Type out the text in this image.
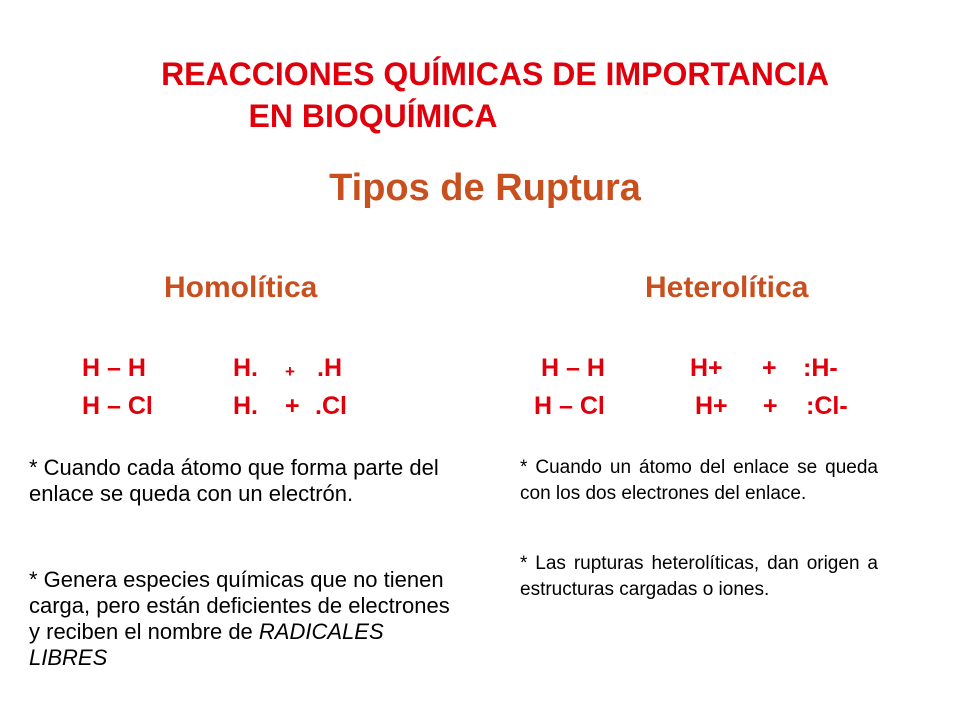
REACCIONES QUÍMICAS DE IMPORTANCIA
EN BIOQUÍMICA
Tipos de Ruptura
Homolítica
H – H	H. + .H
H – Cl	H. + .Cl
* Cuando cada átomo que forma parte del enlace se queda con un electrón.
* Genera especies químicas que no tienen carga, pero están deficientes de electrones y reciben el nombre de RADICALES LIBRES
Heterolítica
H – H	H+ + :H-
H – Cl	H+ + :Cl-
* Cuando un átomo del enlace se queda con los dos electrones del enlace.
* Las rupturas heterolíticas, dan origen a estructuras cargadas o iones.
